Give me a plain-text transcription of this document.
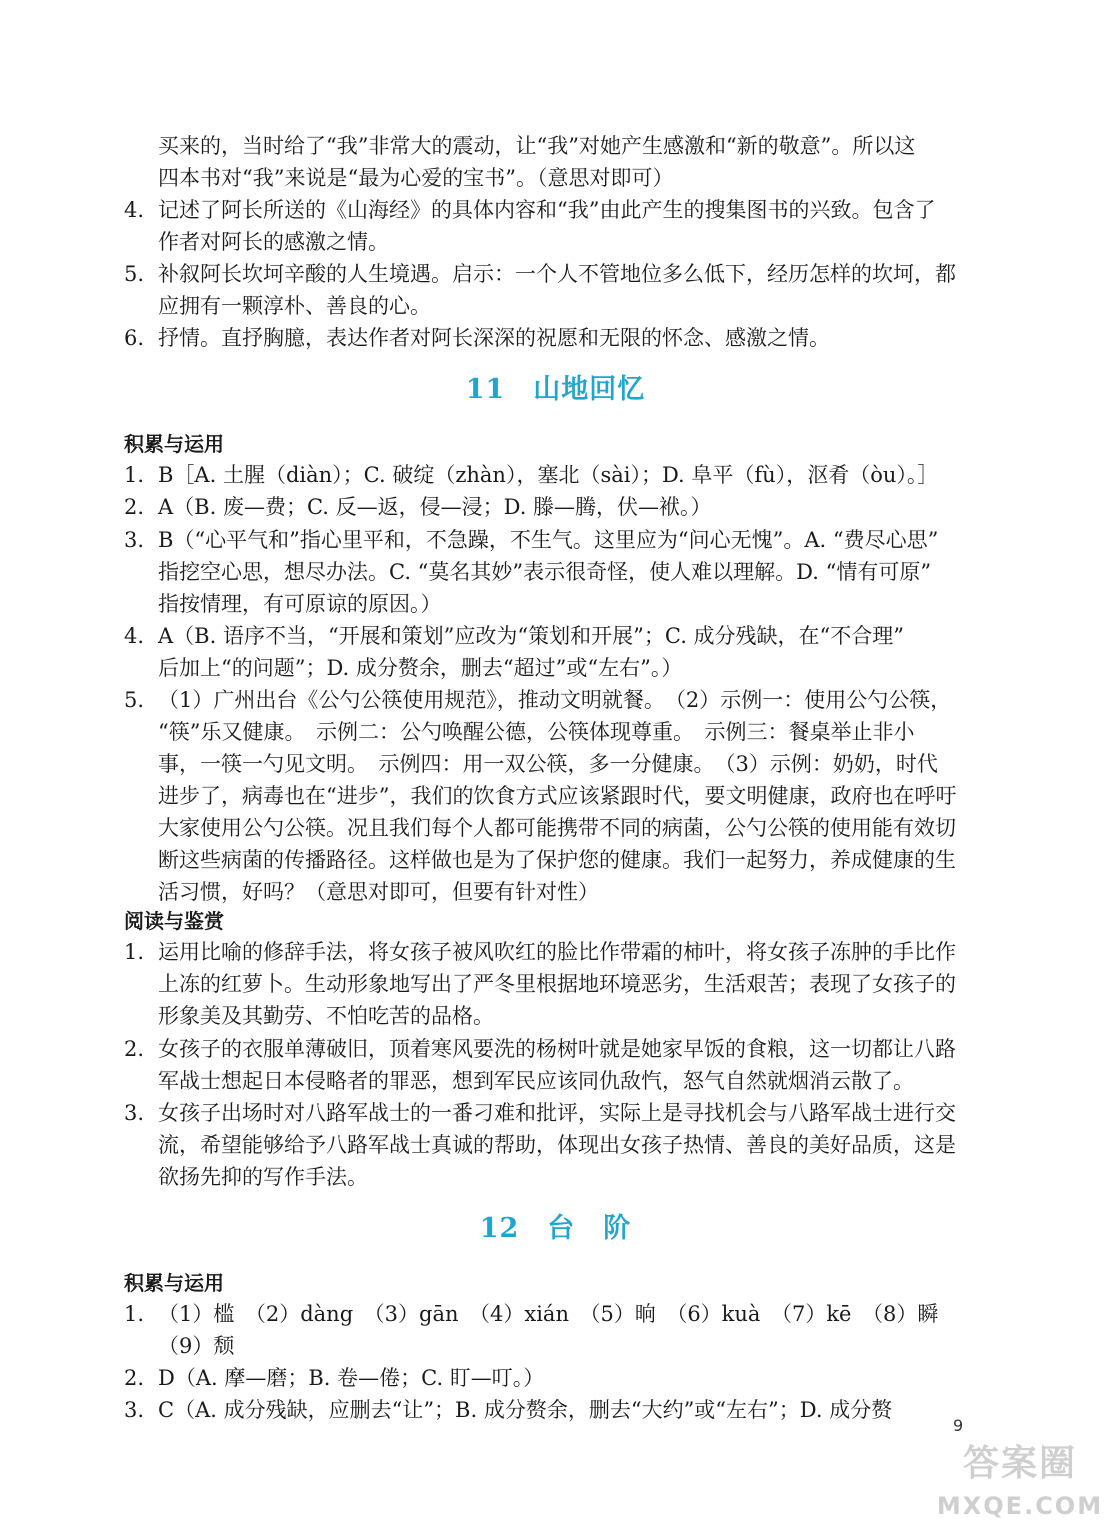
买来的，当时给了“我”非常大的震动，让“我”对她产生感激和“新的敬意”。所以这
四本书对“我”来说是“最为心爱的宝书”。（意思对即可）
4. 记述了阿长所送的《山海经》的具体内容和“我”由此产生的搜集图书的兴致。包含了
作者对阿长的感激之情。
5. 补叙阿长坎坷辛酸的人生境遇。启示：一个人不管地位多么低下，经历怎样的坎坷，都
应拥有一颗淳朴、善良的心。
6. 抒情。直抒胸臆，表达作者对阿长深深的祝愿和无限的怀念、感激之情。
11　山地回忆
积累与运用
1. B［A. 土腥（diàn）；C. 破绽（zhàn），塞北（sài）；D. 阜平（fù），沤肴（òu）。］
2. A（B. 废—费；C. 反—返，侵—浸；D. 滕—腾，伏—袱。）
3. B（“心平气和”指心里平和，不急躁，不生气。这里应为“问心无愧”。A. “费尽心思”
指挖空心思，想尽办法。C. “莫名其妙”表示很奇怪，使人难以理解。D. “情有可原”
指按情理，有可原谅的原因。）
4. A（B. 语序不当，“开展和策划”应改为“策划和开展”；C. 成分残缺，在“不合理”
后加上“的问题”；D. 成分赘余，删去“超过”或“左右”。）
5. （1）广州出台《公勺公筷使用规范》，推动文明就餐。　（2）示例一：使用公勺公筷，
“筷”乐又健康。　示例二：公勺唤醒公德，公筷体现尊重。　示例三：餐桌举止非小
事，一筷一勺见文明。　示例四：用一双公筷，多一分健康。　（3）示例：奶奶，时代
进步了，病毒也在“进步”，我们的饮食方式应该紧跟时代，要文明健康，政府也在呼吁
大家使用公勺公筷。况且我们每个人都可能携带不同的病菌，公勺公筷的使用能有效切
断这些病菌的传播路径。这样做也是为了保护您的健康。我们一起努力，养成健康的生
活习惯，好吗？（意思对即可，但要有针对性）
阅读与鉴赏
1. 运用比喻的修辞手法，将女孩子被风吹红的脸比作带霜的柿叶，将女孩子冻肿的手比作
上冻的红萝卜。生动形象地写出了严冬里根据地环境恶劣，生活艰苦；表现了女孩子的
形象美及其勤劳、不怕吃苦的品格。
2. 女孩子的衣服单薄破旧，顶着寒风要洗的杨树叶就是她家早饭的食粮，这一切都让八路
军战士想起日本侵略者的罪恶，想到军民应该同仇敌忾，怒气自然就烟消云散了。
3. 女孩子出场时对八路军战士的一番刁难和批评，实际上是寻找机会与八路军战士进行交
流，希望能够给予八路军战士真诚的帮助，体现出女孩子热情、善良的美好品质，这是
欲扬先抑的写作手法。
12　台　阶
积累与运用
1. （1）槛　（2）dàng　（3）gān　（4）xián　（5）晌　（6）kuà　（7）kē　（8）瞬
（9）颓
2. D（A. 摩—磨；B. 卷—倦；C. 盯—叮。）
3. C（A. 成分残缺，应删去“让”；B. 成分赘余，删去“大约”或“左右”；D. 成分赘
9
答案圈
MXQE.COM
